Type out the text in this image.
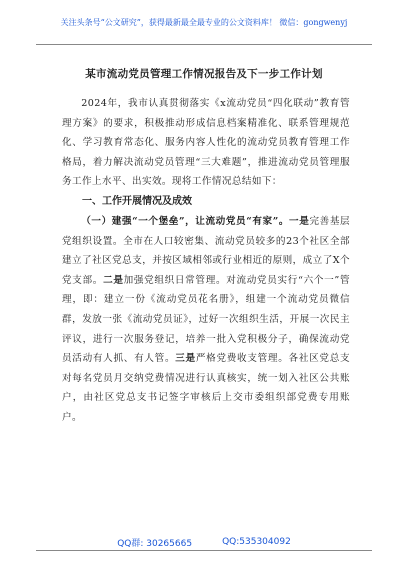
关注头条号“公文研究”，获得最新最全最专业的公文资料库！ 微信：gongwenyj
某市流动党员管理工作情况报告及下一步工作计划

2024年，我市认真贯彻落实《x流动党员“四化联动”教育管理方案》的要求，积极推动形成信息档案精准化、联系管理规范化、学习教育常态化、服务内容人性化的流动党员教育管理工作格局，着力解决流动党员管理“三大难题”，推进流动党员管理服务工作上水平、出实效。现将工作情况总结如下：

一、工作开展情况及成效

（一）建强“一个堡垒”，让流动党员“有家”。一是完善基层党组织设置。全市在人口较密集、流动党员较多的23个社区全部建立了社区党总支，并按区域相邻或行业相近的原则，成立了X个党支部。二是加强党组织日常管理。对流动党员实行“六个一”管理，即：建立一份《流动党员花名册》，组建一个流动党员微信群，发放一张《流动党员证》，过好一次组织生活，开展一次民主评议，进行一次服务登记，培养一批入党积极分子，确保流动党员活动有人抓、有人管。三是严格党费收支管理。各社区党总支对每名党员月交纳党费情况进行认真核实，统一划入社区公共账户，由社区党总支书记签字审核后上交市委组织部党费专用账户。

QQ群: 30265665	QQ:535304092
